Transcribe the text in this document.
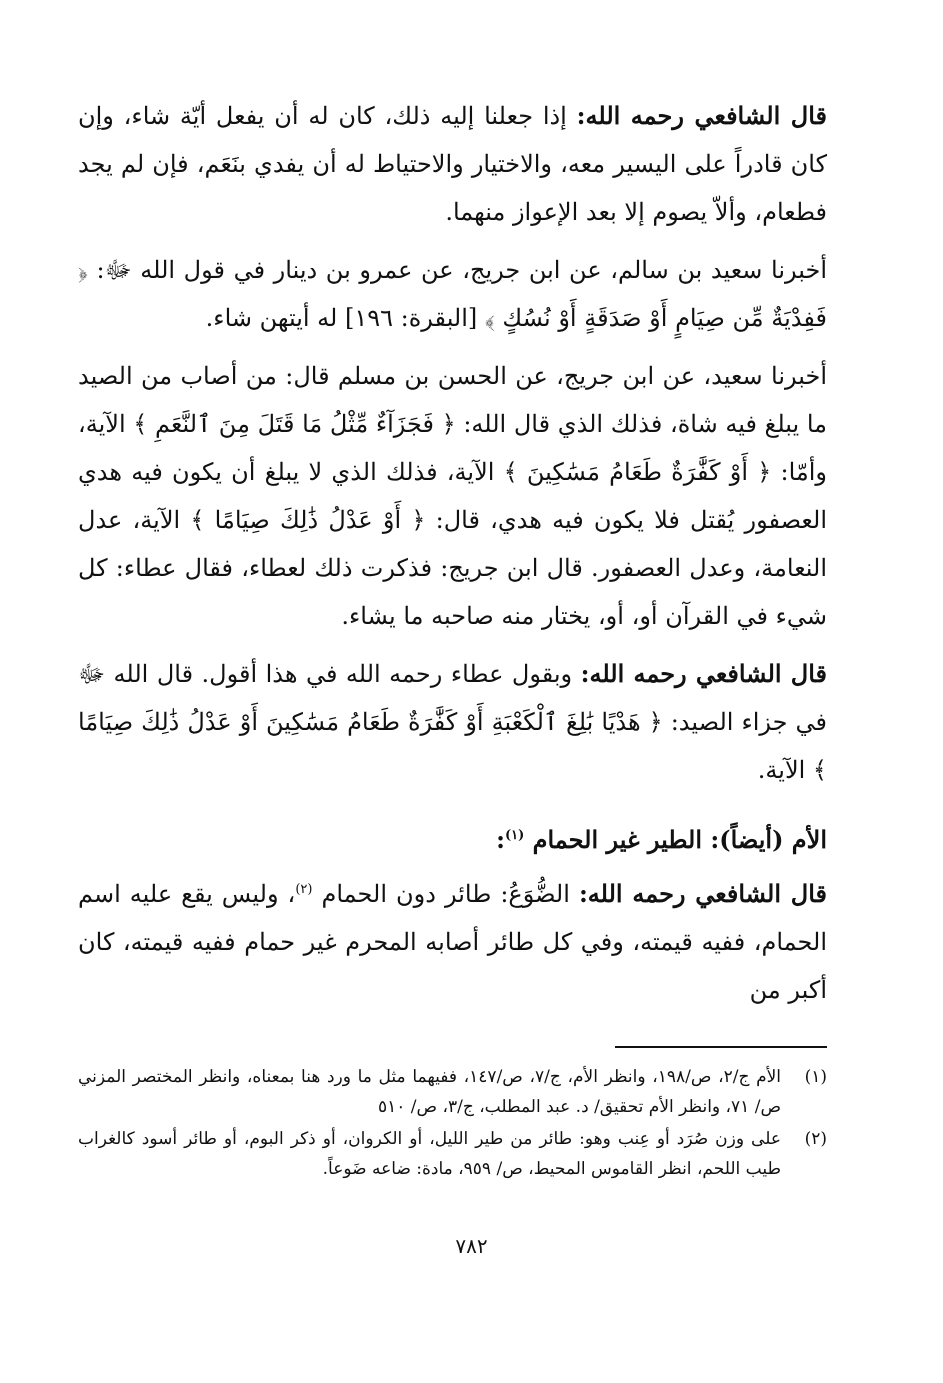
قال الشافعي رحمه الله: إذا جعلنا إليه ذلك، كان له أن يفعل أيّة شاء، وإن كان قادراً على اليسير معه، والاختيار والاحتياط له أن يفدي بنَعَم، فإن لم يجد فطعام، وألاّ يصوم إلا بعد الإعواز منهما.

أخبرنا سعيد بن سالم، عن ابن جريج، عن عمرو بن دينار في قول الله ﷻ: ﴿ فَفِدْيَةٌ مِّن صِيَامٍ أَوْ صَدَقَةٍ أَوْ نُسُكٍ ﴾ [البقرة: ١٩٦] له أيتهن شاء.

أخبرنا سعيد، عن ابن جريج، عن الحسن بن مسلم قال: من أصاب من الصيد ما يبلغ فيه شاة، فذلك الذي قال الله: ﴿ فَجَزَآءٌ مِّثْلُ مَا قَتَلَ مِنَ ٱلنَّعَمِ ﴾ الآية، وأمّا: ﴿ أَوْ كَفَّٰرَةٌ طَعَامُ مَسَٰكِينَ ﴾ الآية، فذلك الذي لا يبلغ أن يكون فيه هدي العصفور يُقتل فلا يكون فيه هدي، قال: ﴿ أَوْ عَدْلُ ذَٰلِكَ صِيَامًا ﴾ الآية، عدل النعامة، وعدل العصفور. قال ابن جريج: فذكرت ذلك لعطاء، فقال عطاء: كل شيء في القرآن أو، أو، يختار منه صاحبه ما يشاء.

قال الشافعي رحمه الله: وبقول عطاء رحمه الله في هذا أقول. قال الله ﷻ في جزاء الصيد: ﴿ هَدْيًا بَٰلِغَ ٱلْكَعْبَةِ أَوْ كَفَّٰرَةٌ طَعَامُ مَسَٰكِينَ أَوْ عَدْلُ ذَٰلِكَ صِيَامًا ﴾ الآية.

الأم (أيضاً): الطير غير الحمام $^{(١)}$:

قال الشافعي رحمه الله: الضُّوَعُ: طائر دون الحمام $^{(٢)}$، وليس يقع عليه اسم الحمام، ففيه قيمته، وفي كل طائر أصابه المحرم غير حمام ففيه قيمته، كان أكبر من

(١)
الأم ج/٢، ص/١٩٨، وانظر الأم، ج/٧، ص/١٤٧، ففيهما مثل ما ورد هنا بمعناه، وانظر المختصر المزني ص/ ٧١، وانظر الأم تحقيق/ د. عبد المطلب، ج/٣، ص/ ٥١٠
(٢)
على وزن صُرَد أو عِنب وهو: طائر من طير الليل، أو الكروان، أو ذكر البوم، أو طائر أسود كالغراب طيب اللحم، انظر القاموس المحيط، ص/ ٩٥٩، مادة: ضاعه ضَوعاً.
٧٨٢
